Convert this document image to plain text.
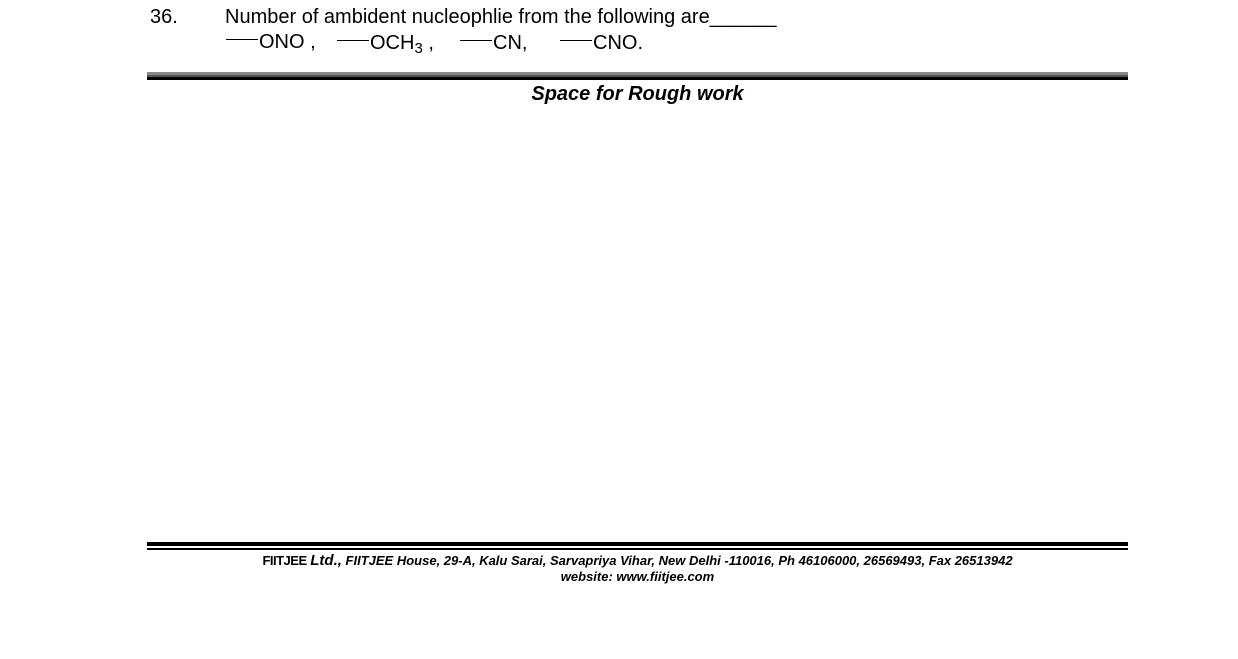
36. Number of ambident nucleophlie from the following are______
ONO ,	$OCH_3$ ,	CN,	CNO.
Space for Rough work
FIITJEE Ltd., FIITJEE House, 29-A, Kalu Sarai, Sarvapriya Vihar, New Delhi -110016, Ph 46106000, 26569493, Fax 26513942
website: www.fiitjee.com
